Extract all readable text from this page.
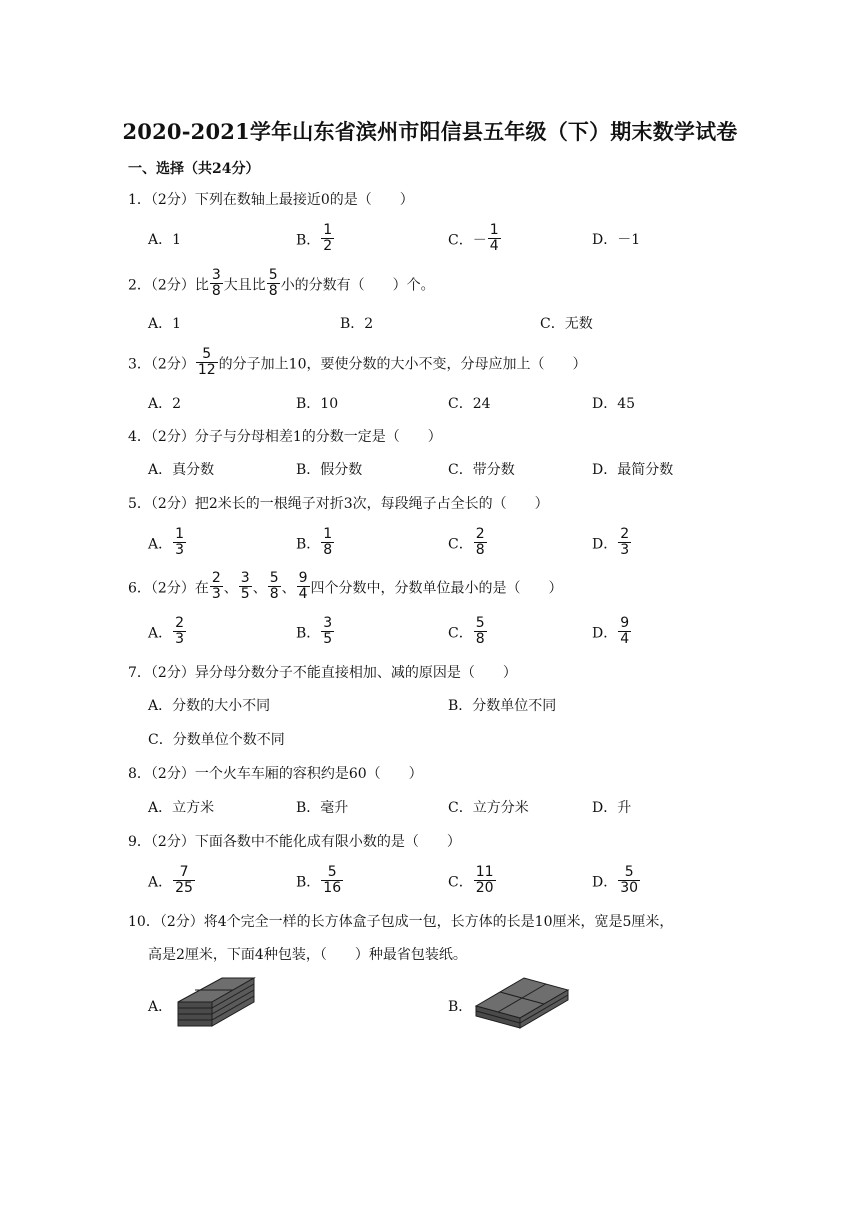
2020-2021学年山东省滨州市阳信县五年级（下）期末数学试卷
一、选择（共24分）
1．（2分）下列在数轴上最接近0的是（　　）
A．1	B． $\frac{1}{2}$	C．－ $\frac{1}{4}$	D．－1
2．（2分）比 $\frac{3}{8}$ 大且比 $\frac{5}{8}$ 小的分数有（　　）个。
A．1	B．2	C．无数
3．（2分） $\frac{5}{12}$ 的分子加上10，要使分数的大小不变，分母应加上（　　）
A．2	B．10	C．24	D．45
4．（2分）分子与分母相差1的分数一定是（　　）
A．真分数	B．假分数	C．带分数	D．最简分数
5．（2分）把2米长的一根绳子对折3次，每段绳子占全长的（　　）
A． $\frac{1}{3}$	B． $\frac{1}{8}$	C． $\frac{2}{8}$	D． $\frac{2}{3}$
6．（2分）在 $\frac{2}{3}$ 、 $\frac{3}{5}$ 、 $\frac{5}{8}$ 、 $\frac{9}{4}$ 四个分数中，分数单位最小的是（　　）
A． $\frac{2}{3}$	B． $\frac{3}{5}$	C． $\frac{5}{8}$	D． $\frac{9}{4}$
7．（2分）异分母分数分子不能直接相加、减的原因是（　　）
A．分数的大小不同	B．分数单位不同
C．分数单位个数不同
8．（2分）一个火车车厢的容积约是60（　　）
A．立方米	B．毫升	C．立方分米	D．升
9．（2分）下面各数中不能化成有限小数的是（　　）
A． $\frac{7}{25}$	B． $\frac{5}{16}$	C． $\frac{11}{20}$	D． $\frac{5}{30}$
10．（2分）将4个完全一样的长方体盒子包成一包，长方体的长是10厘米，宽是5厘米，
高是2厘米，下面4种包装，（　　）种最省包装纸。
A．	B．
